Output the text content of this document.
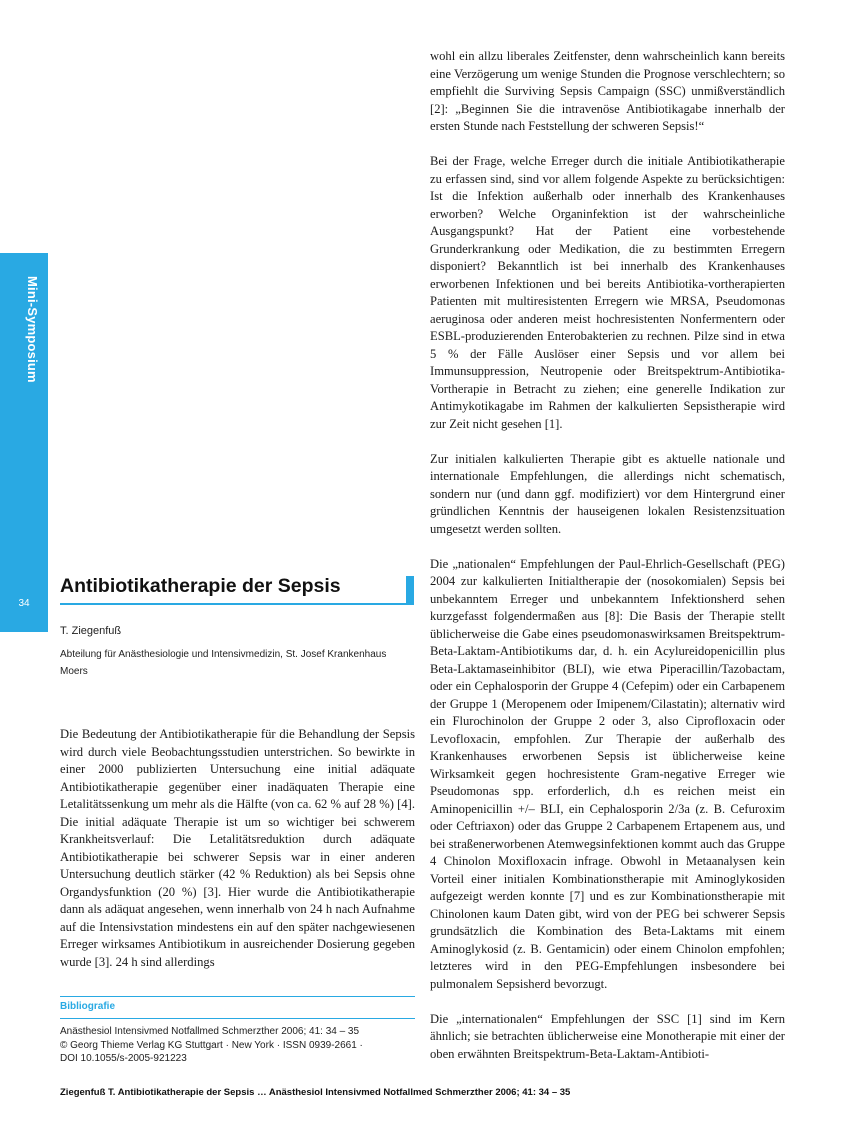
Mini-Symposium
34
Antibiotikatherapie der Sepsis
T. Ziegenfuß
Abteilung für Anästhesiologie und Intensivmedizin, St. Josef Krankenhaus Moers

Die Bedeutung der Antibiotikatherapie für die Behandlung der Sepsis wird durch viele Beobachtungsstudien unterstrichen. So bewirkte in einer 2000 publizierten Untersuchung eine initial adäquate Antibiotikatherapie gegenüber einer inadäquaten Therapie eine Letalitätssenkung um mehr als die Hälfte (von ca. 62 % auf 28 %) [4]. Die initial adäquate Therapie ist um so wichtiger bei schwerem Krankheitsverlauf: Die Letalitätsreduktion durch adäquate Antibiotikatherapie bei schwerer Sepsis war in einer anderen Untersuchung deutlich stärker (42 % Reduktion) als bei Sepsis ohne Organdysfunktion (20 %) [3]. Hier wurde die Antibiotikatherapie dann als adäquat angesehen, wenn innerhalb von 24 h nach Aufnahme auf die Intensivstation mindestens ein auf den später nachgewiesenen Erreger wirksames Antibiotikum in ausreichender Dosierung gegeben wurde [3]. 24 h sind allerdings

wohl ein allzu liberales Zeitfenster, denn wahrscheinlich kann bereits eine Verzögerung um wenige Stunden die Prognose verschlechtern; so empfiehlt die Surviving Sepsis Campaign (SSC) unmißverständlich [2]: „Beginnen Sie die intravenöse Antibiotikagabe innerhalb der ersten Stunde nach Feststellung der schweren Sepsis!“

Bei der Frage, welche Erreger durch die initiale Antibiotikatherapie zu erfassen sind, sind vor allem folgende Aspekte zu berücksichtigen: Ist die Infektion außerhalb oder innerhalb des Krankenhauses erworben? Welche Organinfektion ist der wahrscheinliche Ausgangspunkt? Hat der Patient eine vorbestehende Grunderkrankung oder Medikation, die zu bestimmten Erregern disponiert? Bekanntlich ist bei innerhalb des Krankenhauses erworbenen Infektionen und bei bereits Antibiotika-vortherapierten Patienten mit multiresistenten Erregern wie MRSA, Pseudomonas aeruginosa oder anderen meist hochresistenten Nonfermentern oder ESBL-produzierenden Enterobakterien zu rechnen. Pilze sind in etwa 5 % der Fälle Auslöser einer Sepsis und vor allem bei Immunsuppression, Neutropenie oder Breitspektrum-Antibiotika-Vortherapie in Betracht zu ziehen; eine generelle Indikation zur Antimykotikagabe im Rahmen der kalkulierten Sepsistherapie wird zur Zeit nicht gesehen [1].

Zur initialen kalkulierten Therapie gibt es aktuelle nationale und internationale Empfehlungen, die allerdings nicht schematisch, sondern nur (und dann ggf. modifiziert) vor dem Hintergrund einer gründlichen Kenntnis der hauseigenen lokalen Resistenzsituation umgesetzt werden sollten.

Die „nationalen“ Empfehlungen der Paul-Ehrlich-Gesellschaft (PEG) 2004 zur kalkulierten Initialtherapie der (nosokomialen) Sepsis bei unbekanntem Erreger und unbekanntem Infektionsherd sehen kurzgefasst folgendermaßen aus [8]: Die Basis der Therapie stellt üblicherweise die Gabe eines pseudomonaswirksamen Breitspektrum-Beta-Laktam-Antibiotikums dar, d. h. ein Acylureidopenicillin plus Beta-Laktamaseinhibitor (BLI), wie etwa Piperacillin/Tazobactam, oder ein Cephalosporin der Gruppe 4 (Cefepim) oder ein Carbapenem der Gruppe 1 (Meropenem oder Imipenem/Cilastatin); alternativ wird ein Flurochinolon der Gruppe 2 oder 3, also Ciprofloxacin oder Levofloxacin, empfohlen. Zur Therapie der außerhalb des Krankenhauses erworbenen Sepsis ist üblicherweise keine Wirksamkeit gegen hochresistente Gram-negative Erreger wie Pseudomonas spp. erforderlich, d.h es reichen meist ein Aminopenicillin +/– BLI, ein Cephalosporin 2/3a (z. B. Cefuroxim oder Ceftriaxon) oder das Gruppe 2 Carbapenem Ertapenem aus, und bei straßenerworbenen Atemwegsinfektionen kommt auch das Gruppe 4 Chinolon Moxifloxacin infrage. Obwohl in Metaanalysen kein Vorteil einer initialen Kombinationstherapie mit Aminoglykosiden aufgezeigt werden konnte [7] und es zur Kombinationstherapie mit Chinolonen kaum Daten gibt, wird von der PEG bei schwerer Sepsis grundsätzlich die Kombination des Beta-Laktams mit einem Aminoglykosid (z. B. Gentamicin) oder einem Chinolon empfohlen; letzteres wird in den PEG-Empfehlungen insbesondere bei pulmonalem Sepsisherd bevorzugt.

Die „internationalen“ Empfehlungen der SSC [1] sind im Kern ähnlich; sie betrachten üblicherweise eine Monotherapie mit einer der oben erwähnten Breitspektrum-Beta-Laktam-Antibioti-

Bibliografie
Anästhesiol Intensivmed Notfallmed Schmerzther 2006; 41: 34 – 35
© Georg Thieme Verlag KG Stuttgart · New York · ISSN 0939-2661 ·
DOI 10.1055/s-2005-921223
Ziegenfuß T. Antibiotikatherapie der Sepsis … Anästhesiol Intensivmed Notfallmed Schmerzther 2006; 41: 34 – 35
